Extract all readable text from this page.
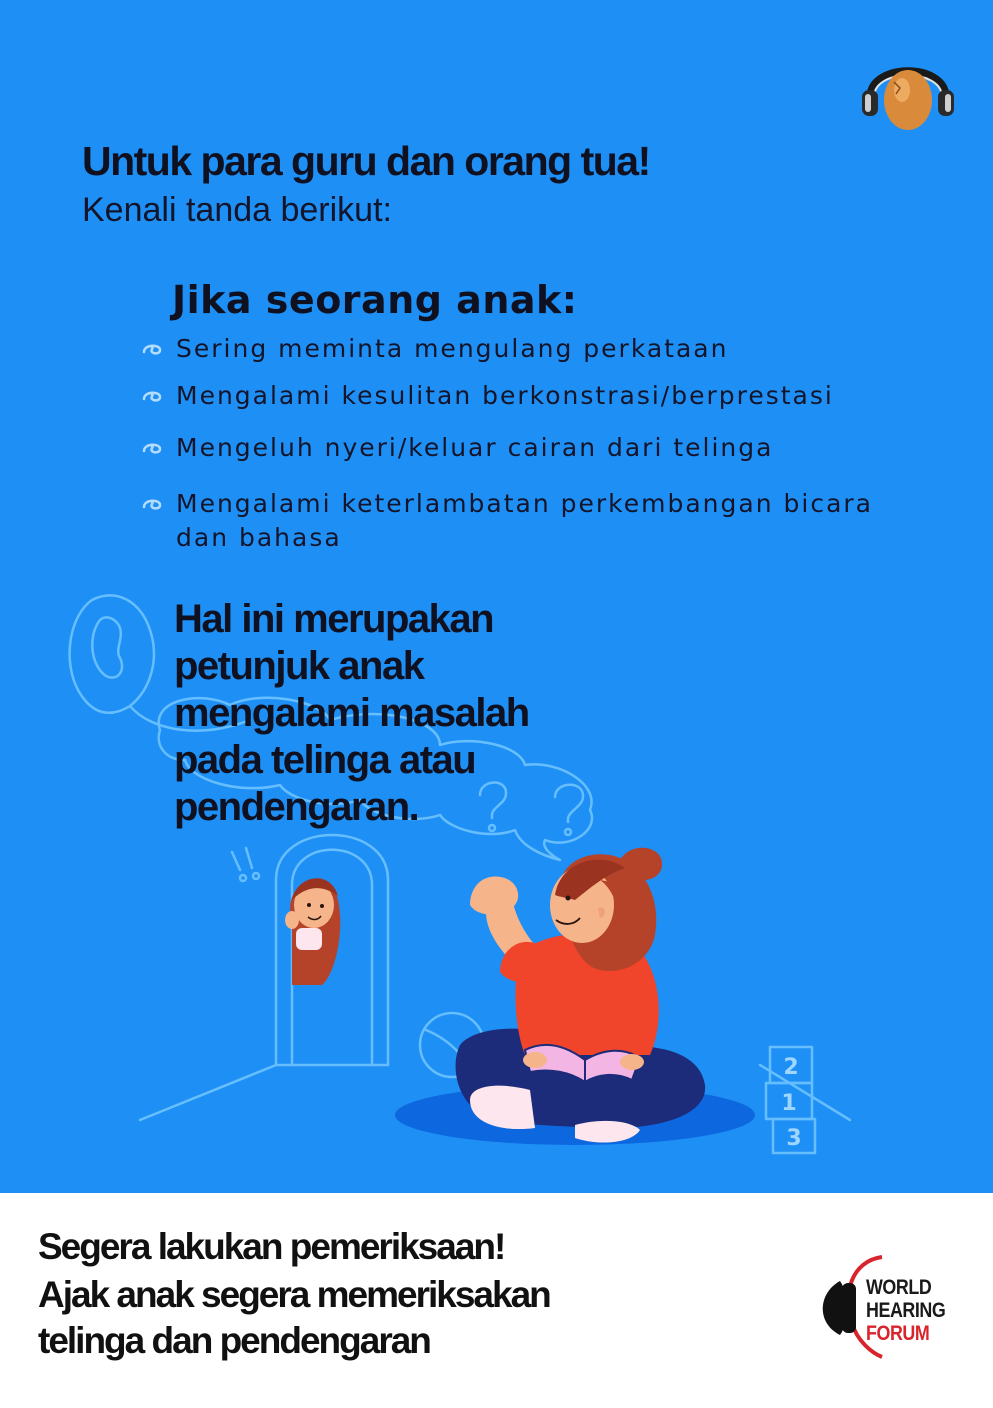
2
1
3
Untuk para guru dan orang tua!

Kenali tanda berikut:

Jika seorang anak:
Sering meminta mengulang perkataan
Mengalami kesulitan berkonstrasi/berprestasi
Mengeluh nyeri/keluar cairan dari telinga
Mengalami keterlambatan perkembangan bicara dan bahasa

Hal ini merupakan petunjuk anak mengalami masalah pada telinga atau pendengaran.

Segera lakukan pemeriksaan!

Ajak anak segera memeriksakan

telinga dan pendengaran

WORLD
HEARING
FORUM
